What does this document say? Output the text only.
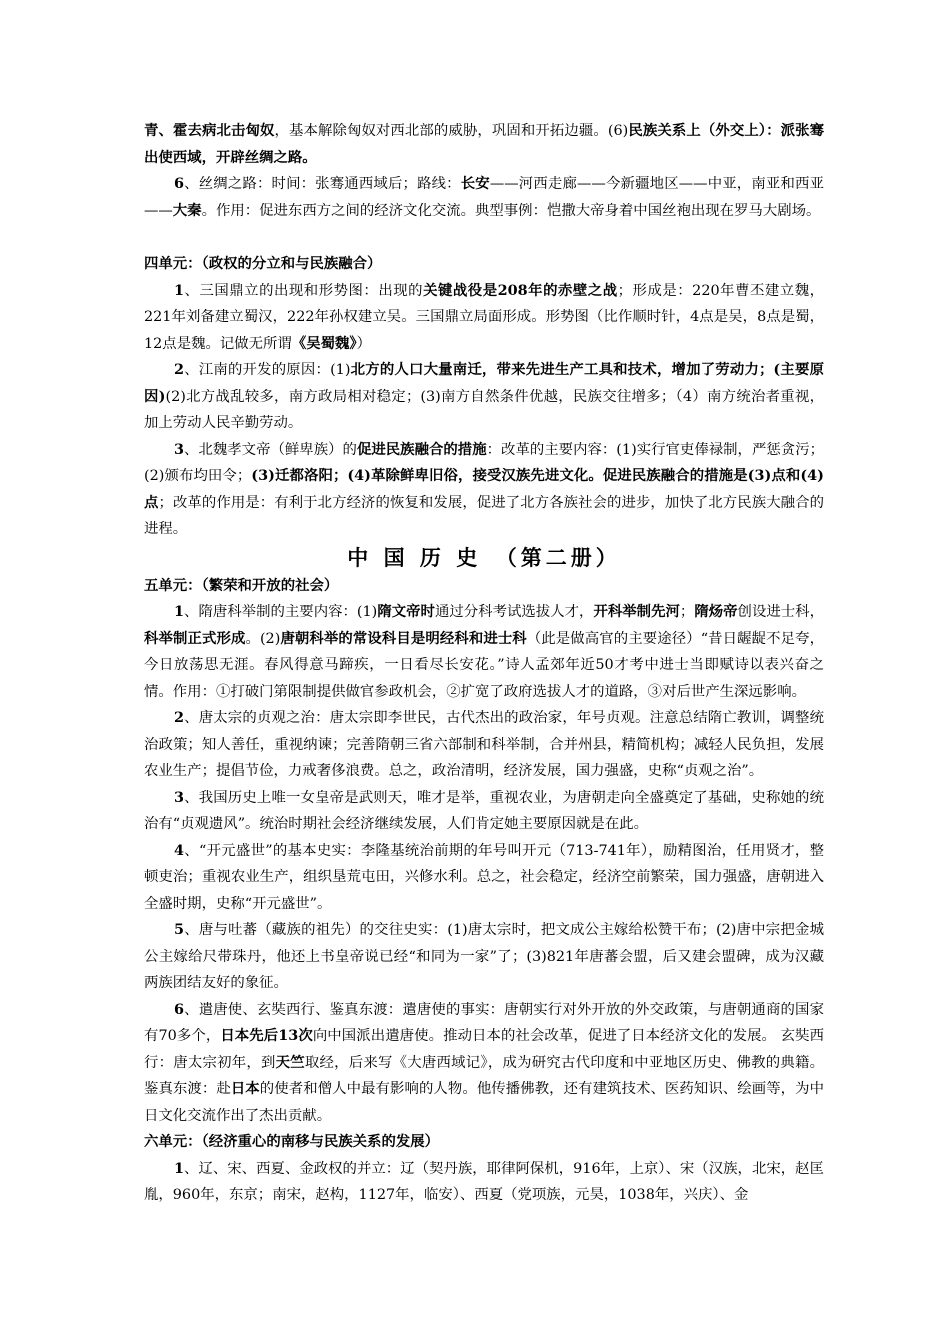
青、霍去病北击匈奴，基本解除匈奴对西北部的威胁，巩固和开拓边疆。(6)民族关系上（外交上）：派张骞出使西域，开辟丝绸之路。

6、丝绸之路：时间：张骞通西域后；路线：长安——河西走廊——今新疆地区——中亚，南亚和西亚——大秦。作用：促进东西方之间的经济文化交流。典型事例：恺撒大帝身着中国丝袍出现在罗马大剧场。

四单元：（政权的分立和与民族融合）

1、三国鼎立的出现和形势图：出现的关键战役是208年的赤壁之战；形成是：220年曹丕建立魏，221年刘备建立蜀汉，222年孙权建立吴。三国鼎立局面形成。形势图（比作顺时针，4点是吴，8点是蜀，12点是魏。记做无所谓《吴蜀魏》）

2、江南的开发的原因：(1)北方的人口大量南迁，带来先进生产工具和技术，增加了劳动力；(主要原因)(2)北方战乱较多，南方政局相对稳定；(3)南方自然条件优越，民族交往增多；（4）南方统治者重视，加上劳动人民辛勤劳动。

3、北魏孝文帝（鲜卑族）的促进民族融合的措施：改革的主要内容：(1)实行官吏俸禄制，严惩贪污；(2)颁布均田令；(3)迁都洛阳；(4)革除鲜卑旧俗，接受汉族先进文化。促进民族融合的措施是(3)点和(4)点；改革的作用是：有利于北方经济的恢复和发展，促进了北方各族社会的进步，加快了北方民族大融合的进程。

中 国 历 史　（第二册）

五单元：（繁荣和开放的社会）

1、隋唐科举制的主要内容：(1)隋文帝时通过分科考试选拔人才，开科举制先河；隋炀帝创设进士科，科举制正式形成。(2)唐朝科举的常设科目是明经科和进士科（此是做高官的主要途径）“昔日龌龊不足夸，今日放荡思无涯。春风得意马蹄疾，一日看尽长安花。”诗人孟郊年近50才考中进士当即赋诗以表兴奋之情。作用：①打破门第限制提供做官参政机会，②扩宽了政府选拔人才的道路，③对后世产生深远影响。

2、唐太宗的贞观之治：唐太宗即李世民，古代杰出的政治家，年号贞观。注意总结隋亡教训，调整统治政策；知人善任，重视纳谏；完善隋朝三省六部制和科举制，合并州县，精简机构；减轻人民负担，发展农业生产；提倡节俭，力戒奢侈浪费。总之，政治清明，经济发展，国力强盛，史称“贞观之治”。

3、我国历史上唯一女皇帝是武则天，唯才是举，重视农业，为唐朝走向全盛奠定了基础，史称她的统治有“贞观遗风”。统治时期社会经济继续发展，人们肯定她主要原因就是在此。

4、“开元盛世”的基本史实：李隆基统治前期的年号叫开元（713-741年），励精图治，任用贤才，整顿吏治；重视农业生产，组织垦荒屯田，兴修水利。总之，社会稳定，经济空前繁荣，国力强盛，唐朝进入全盛时期，史称“开元盛世”。

5、唐与吐蕃（藏族的祖先）的交往史实：(1)唐太宗时，把文成公主嫁给松赞干布；(2)唐中宗把金城公主嫁给尺带珠丹，他还上书皇帝说已经“和同为一家”了；(3)821年唐蕃会盟，后又建会盟碑，成为汉藏两族团结友好的象征。

6、遣唐使、玄奘西行、鉴真东渡：遣唐使的事实：唐朝实行对外开放的外交政策，与唐朝通商的国家有70多个，日本先后13次向中国派出遣唐使。推动日本的社会改革，促进了日本经济文化的发展。 玄奘西行：唐太宗初年，到天竺取经，后来写《大唐西域记》，成为研究古代印度和中亚地区历史、佛教的典籍。鉴真东渡：赴日本的使者和僧人中最有影响的人物。他传播佛教，还有建筑技术、医药知识、绘画等，为中日文化交流作出了杰出贡献。

六单元：（经济重心的南移与民族关系的发展）

1、辽、宋、西夏、金政权的并立：辽（契丹族，耶律阿保机，916年，上京）、宋（汉族，北宋，赵匡胤，960年，东京；南宋，赵构，1127年，临安）、西夏（党项族，元昊，1038年，兴庆）、金
